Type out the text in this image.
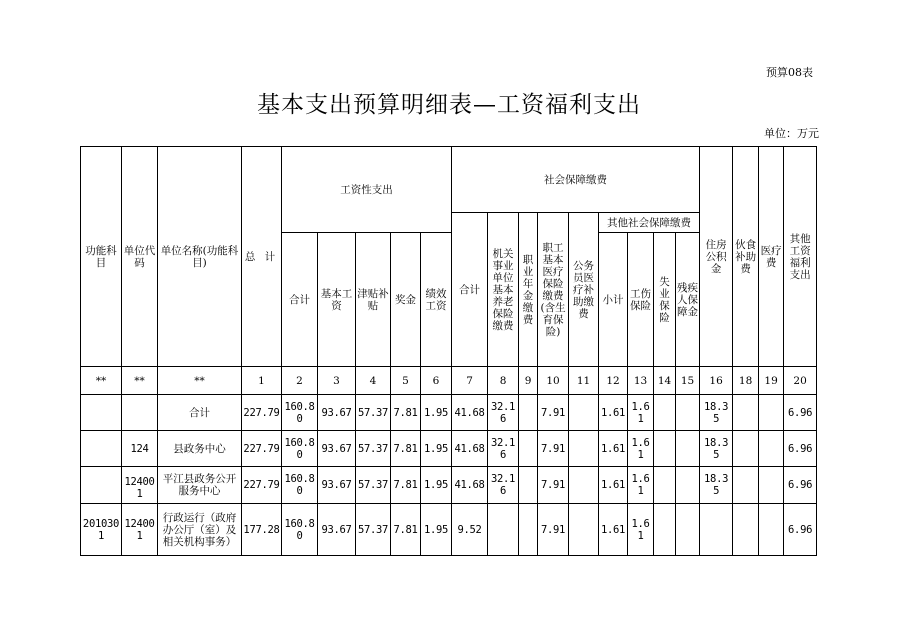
预算08表
基本支出预算明细表—工资福利支出
单位：万元
功能科目	单位代码	单位名称(功能科目)	总 计	工资性支出					社会保障缴费									住房公积金	伙食补助费	医疗费	其他工资福利支出
									合计	机关事业单位基本养老保险缴费	职业年金缴费	职工基本医疗保险缴费(含生育保险)	公务员医疗补助缴费	其他社会保障缴费							
				合计	基本工资	津贴补贴	奖金	绩效工资						小计	工伤保险	失业保险	残疾人保障金				
**	**	**	1	2	3	4	5	6	7	8	9	10	11	12	13	14	15	16	18	19	20
		合计	227.79	160.80	93.67	57.37	7.81	1.95	41.68	32.16		7.91		1.61	1.61			18.35			6.96
	124	县政务中心	227.79	160.80	93.67	57.37	7.81	1.95	41.68	32.16		7.91		1.61	1.61			18.35			6.96
	124001	平江县政务公开服务中心	227.79	160.80	93.67	57.37	7.81	1.95	41.68	32.16		7.91		1.61	1.61			18.35			6.96
2010301	124001	行政运行（政府办公厅（室）及相关机构事务）	177.28	160.80	93.67	57.37	7.81	1.95	9.52			7.91		1.61	1.61						6.96
